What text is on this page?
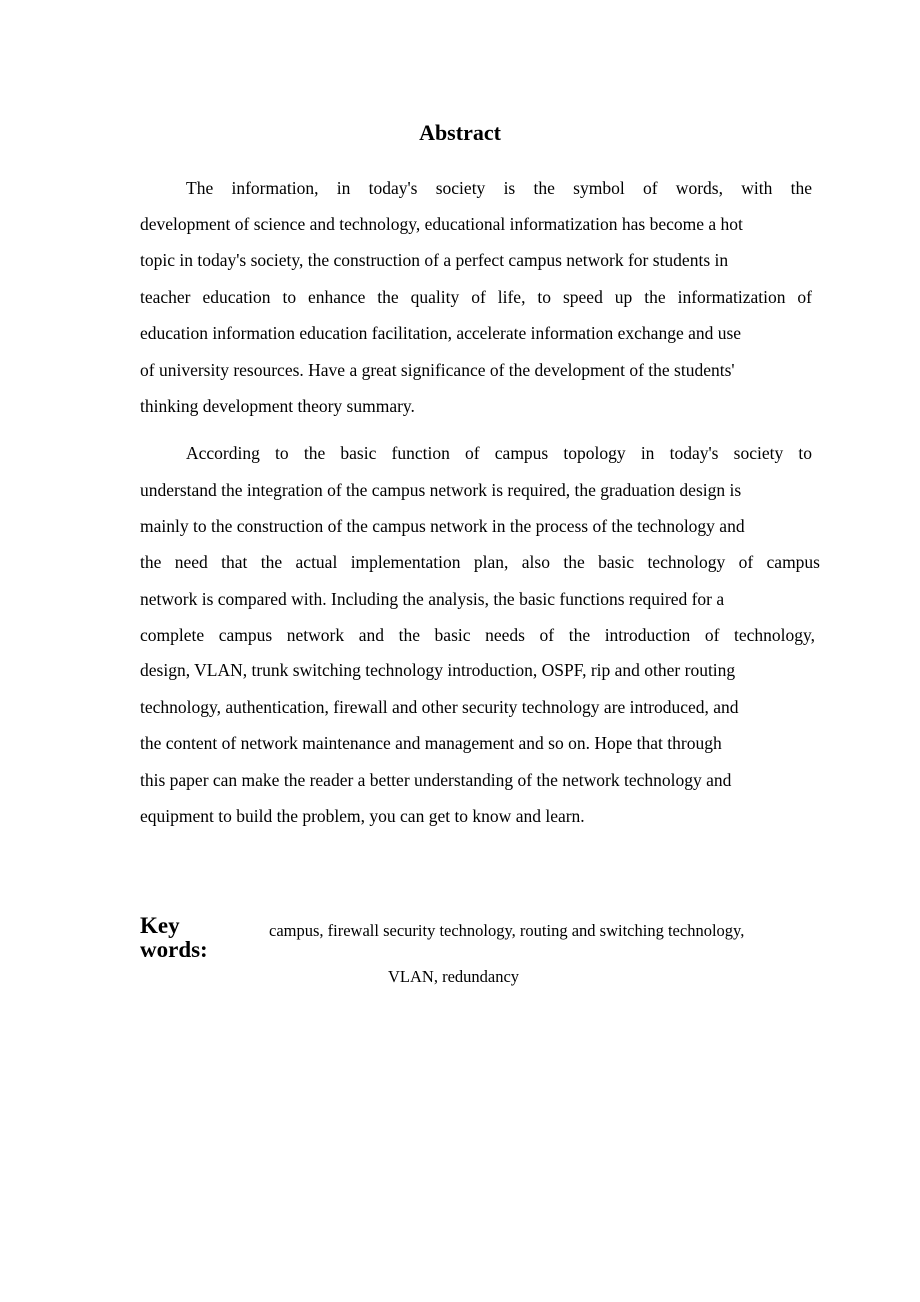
Abstract
The information, in today's society is the symbol of words, with the
development of science and technology, educational informatization has become a hot
topic in today's society, the construction of a perfect campus network for students in
teacher education to enhance the quality of life, to speed up the informatization of
education information education facilitation, accelerate information exchange and use
of university resources. Have a great significance of the development of the students'
thinking development theory summary.
According to the basic function of campus topology in today's society to
understand the integration of the campus network is required, the graduation design is
mainly to the construction of the campus network in the process of the technology and
the need that the actual implementation plan, also the basic technology of campus
network is compared with. Including the analysis, the basic functions required for a
complete campus network and the basic needs of the introduction of technology,
design, VLAN, trunk switching technology introduction, OSPF, rip and other routing
technology, authentication, firewall and other security technology are introduced, and
the content of network maintenance and management and so on. Hope that through
this paper can make the reader a better understanding of the network technology and
equipment to build the problem, you can get to know and learn.
Key
words:
campus, firewall security technology, routing and switching technology,
VLAN, redundancy
